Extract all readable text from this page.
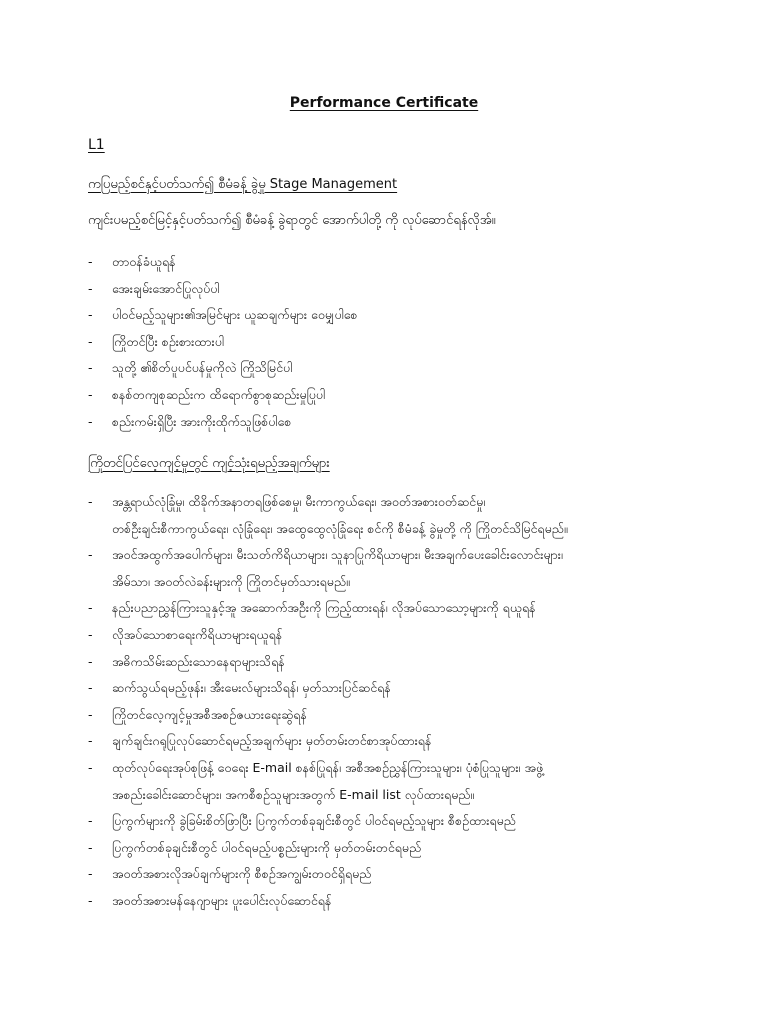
Performance Certificate
L1
ကပြမည့်စင်နှင့်ပတ်သက်၍ စီမံခန့် ခွဲမှု Stage Management
ကျင်းပမည့်စင်မြင့်နှင့်ပတ်သက်၍ စီမံခန့် ခွဲရာတွင် အောက်ပါတို့ ကို လုပ်ဆောင်ရန်လိုအ်။
- တာဝန်ခံယူရန်
- အေးချမ်းအောင်ပြုလုပ်ပါ
- ပါဝင်မည့်သူများ၏အမြင်များ ယူဆချက်များ ဝေမျှပါစေ
- ကြိုတင်ပြီး စဉ်းစားထားပါ
- သူတို့ ၏စိတ်ပူပင်ပန်မှုကိုလဲ ကြိုသိမြင်ပါ
- စနစ်တကျစုဆည်းက ထိရောက်စွာစုဆည်းမှုပြုပါ
- စည်းကမ်းရှိပြီး အားကိုးထိုက်သူဖြစ်ပါစေ
ကြိုတင်ပြင်လေ့ကျင့်မှုတွင် ကျင့်သုံးရမည့်အချက်များ
- အန္တရာယ်လုံခြုံမှု၊ ထိခိုက်အနာတရဖြစ်စေမှု၊ မီးကာကွယ်ရေး၊ အဝတ်အစားဝတ်ဆင်မှု၊
တစ်ဦးချင်းစီကာကွယ်ရေး၊ လုံခြုံရေး၊ အထွေထွေလုံခြုံရေး စင်ကို စီမံခန့် ခွဲမှုတို့ ကို ကြိုတင်သိမြင်ရမည်။
- အဝင်အထွက်အပေါက်များ၊ မီးသတ်ကိရိယာများ၊ သူနာပြုကိရိယာများ၊ မီးအချက်ပေးခေါင်းလောင်းများ၊
အိမ်သာ၊ အဝတ်လဲခန်းများကို ကြိုတင်မှတ်သားရမည်။
- နည်းပညာညွှန်ကြားသူနှင့်အူ အဆောက်အဦးကို ကြည့်ထားရန်၊ လိုအပ်သောသော့များကို ရယူရန်
- လိုအပ်သောစာရေးကိရိယာများရယူရန်
- အဓိကသိမ်းဆည်းသောနေရာများသိရန်
- ဆက်သွယ်ရမည့်ဖုန်း၊ အီးမေးလ်များသိရန်၊ မှတ်သားပြင်ဆင်ရန်
- ကြိုတင်လေ့ကျင့်မှုအစီအစဉ်ဇယားရေးဆွဲရန်
- ချက်ချင်းဂရုပြုလုပ်ဆောင်ရမည့်အချက်များ မှတ်တမ်းတင်စာအုပ်ထားရန်
- ထုတ်လုပ်ရေးအုပ်စုဖြန့် ဝေရေး E-mail စနစ်ပြုရန်၊ အစီအစဉ်ညွှန်ကြားသူများ၊ ပုံစံပြုသူများ၊ အဖွဲ့
အစည်းခေါင်းဆောင်များ၊ အကစီစဉ်သူများအတွက် E-mail list လုပ်ထားရမည်။
- ပြကွက်များကို ခွဲခြမ်းစိတ်ဖြာပြီး ပြကွက်တစ်ခုချင်းစီတွင် ပါဝင်ရမည့်သူများ စီစဉ်ထားရမည်
- ပြကွက်တစ်ခုချင်းစီတွင် ပါဝင်ရမည့်ပစ္စည်းများကို မှတ်တမ်းတင်ရမည်
- အဝတ်အစားလိုအပ်ချက်များကို စီစဉ်အကျွမ်းတဝင်ရှိရမည်
- အဝတ်အစားမန်နေဂျာများ ပူးပေါင်းလုပ်ဆောင်ရန်
